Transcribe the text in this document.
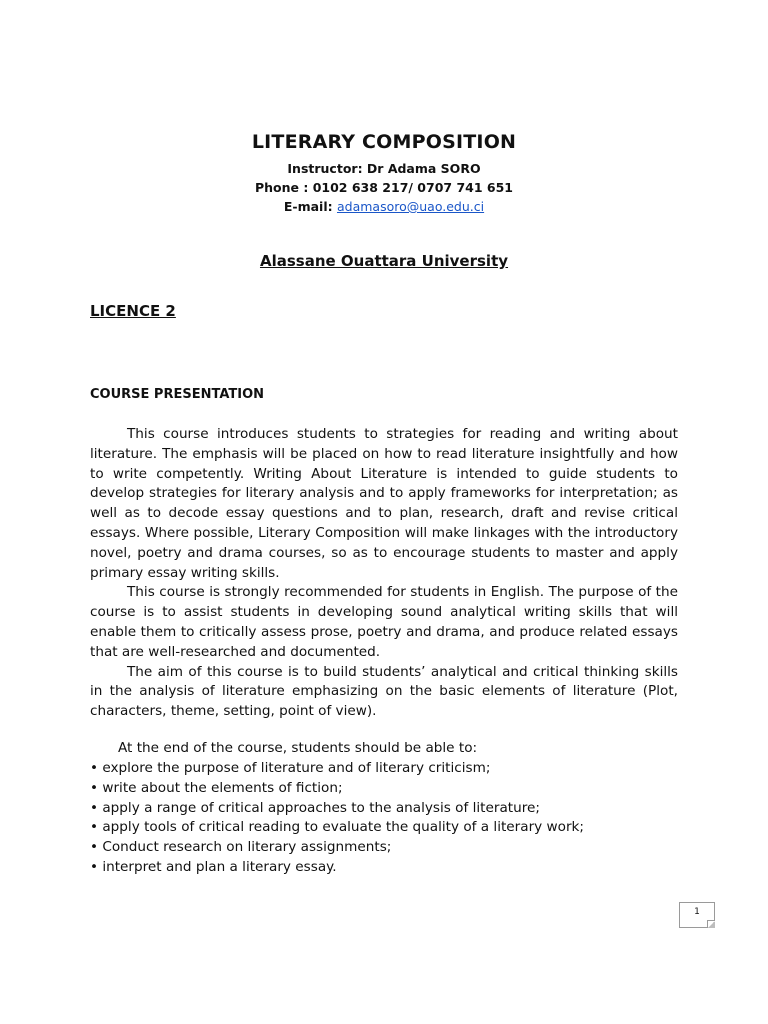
LITERARY COMPOSITION
Instructor: Dr Adama SORO
Phone : 0102 638 217/ 0707 741 651
E-mail: adamasoro@uao.edu.ci
Alassane Ouattara University
LICENCE 2
COURSE PRESENTATION

This course introduces students to strategies for reading and writing about literature. The emphasis will be placed on how to read literature insightfully and how to write competently. Writing About Literature is intended to guide students to develop strategies for literary analysis and to apply frameworks for interpretation; as well as to decode essay questions and to plan, research, draft and revise critical essays. Where possible, Literary Composition will make linkages with the introductory novel, poetry and drama courses, so as to encourage students to master and apply primary essay writing skills.

This course is strongly recommended for students in English. The purpose of the course is to assist students in developing sound analytical writing skills that will enable them to critically assess prose, poetry and drama, and produce related essays that are well-researched and documented.

The aim of this course is to build students’ analytical and critical thinking skills in the analysis of literature emphasizing on the basic elements of literature (Plot, characters, theme, setting, point of view).

At the end of the course, students should be able to:
• explore the purpose of literature and of literary criticism;
• write about the elements of fiction;
• apply a range of critical approaches to the analysis of literature;
• apply tools of critical reading to evaluate the quality of a literary work;
• Conduct research on literary assignments;
• interpret and plan a literary essay.
1
